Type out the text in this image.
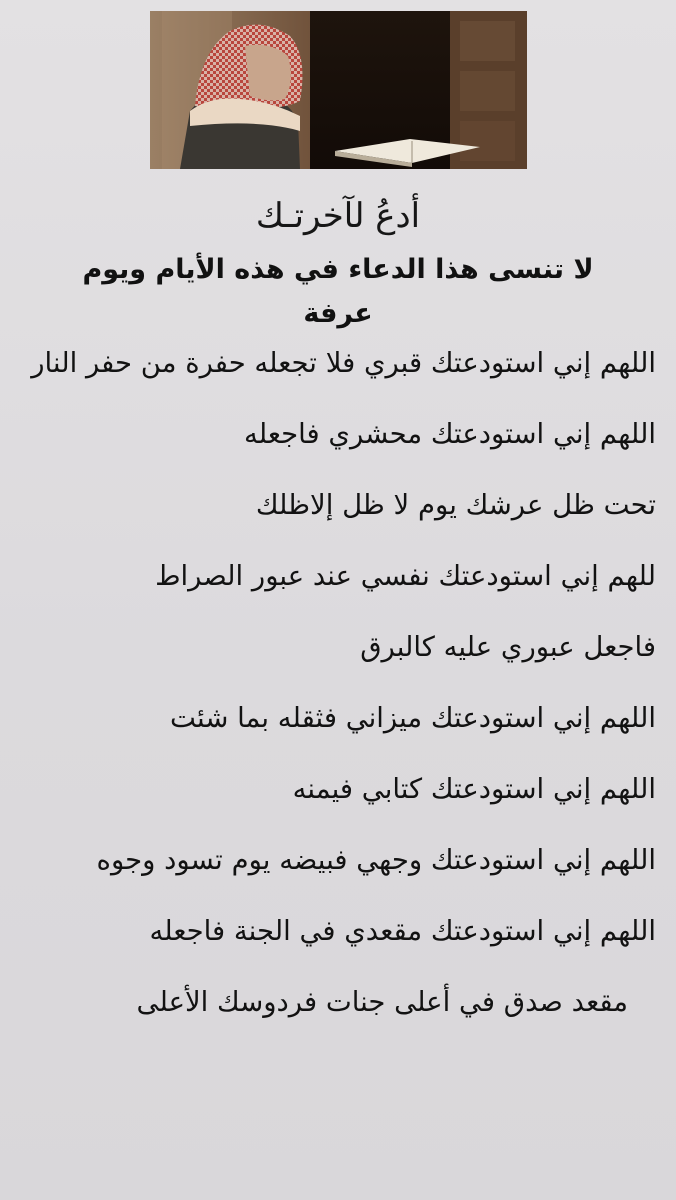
أدعُ لآخرتـك
لا تنسى هذا الدعاء في هذه الأيام ويوم عرفة
اللهم إني استودعتك قبري فلا تجعله حفرة من حفر النار
اللهم إني استودعتك محشري فاجعله
تحت ظل عرشك يوم لا ظل إلاظلك
للهم إني استودعتك نفسي عند عبور الصراط
فاجعل عبوري عليه كالبرق
اللهم إني استودعتك ميزاني فثقله بما شئت
اللهم إني استودعتك كتابي فيمنه
اللهم إني استودعتك وجهي فبيضه يوم تسود وجوه
اللهم إني استودعتك مقعدي في الجنة فاجعله
مقعد صدق في أعلى جنات فردوسك الأعلى
